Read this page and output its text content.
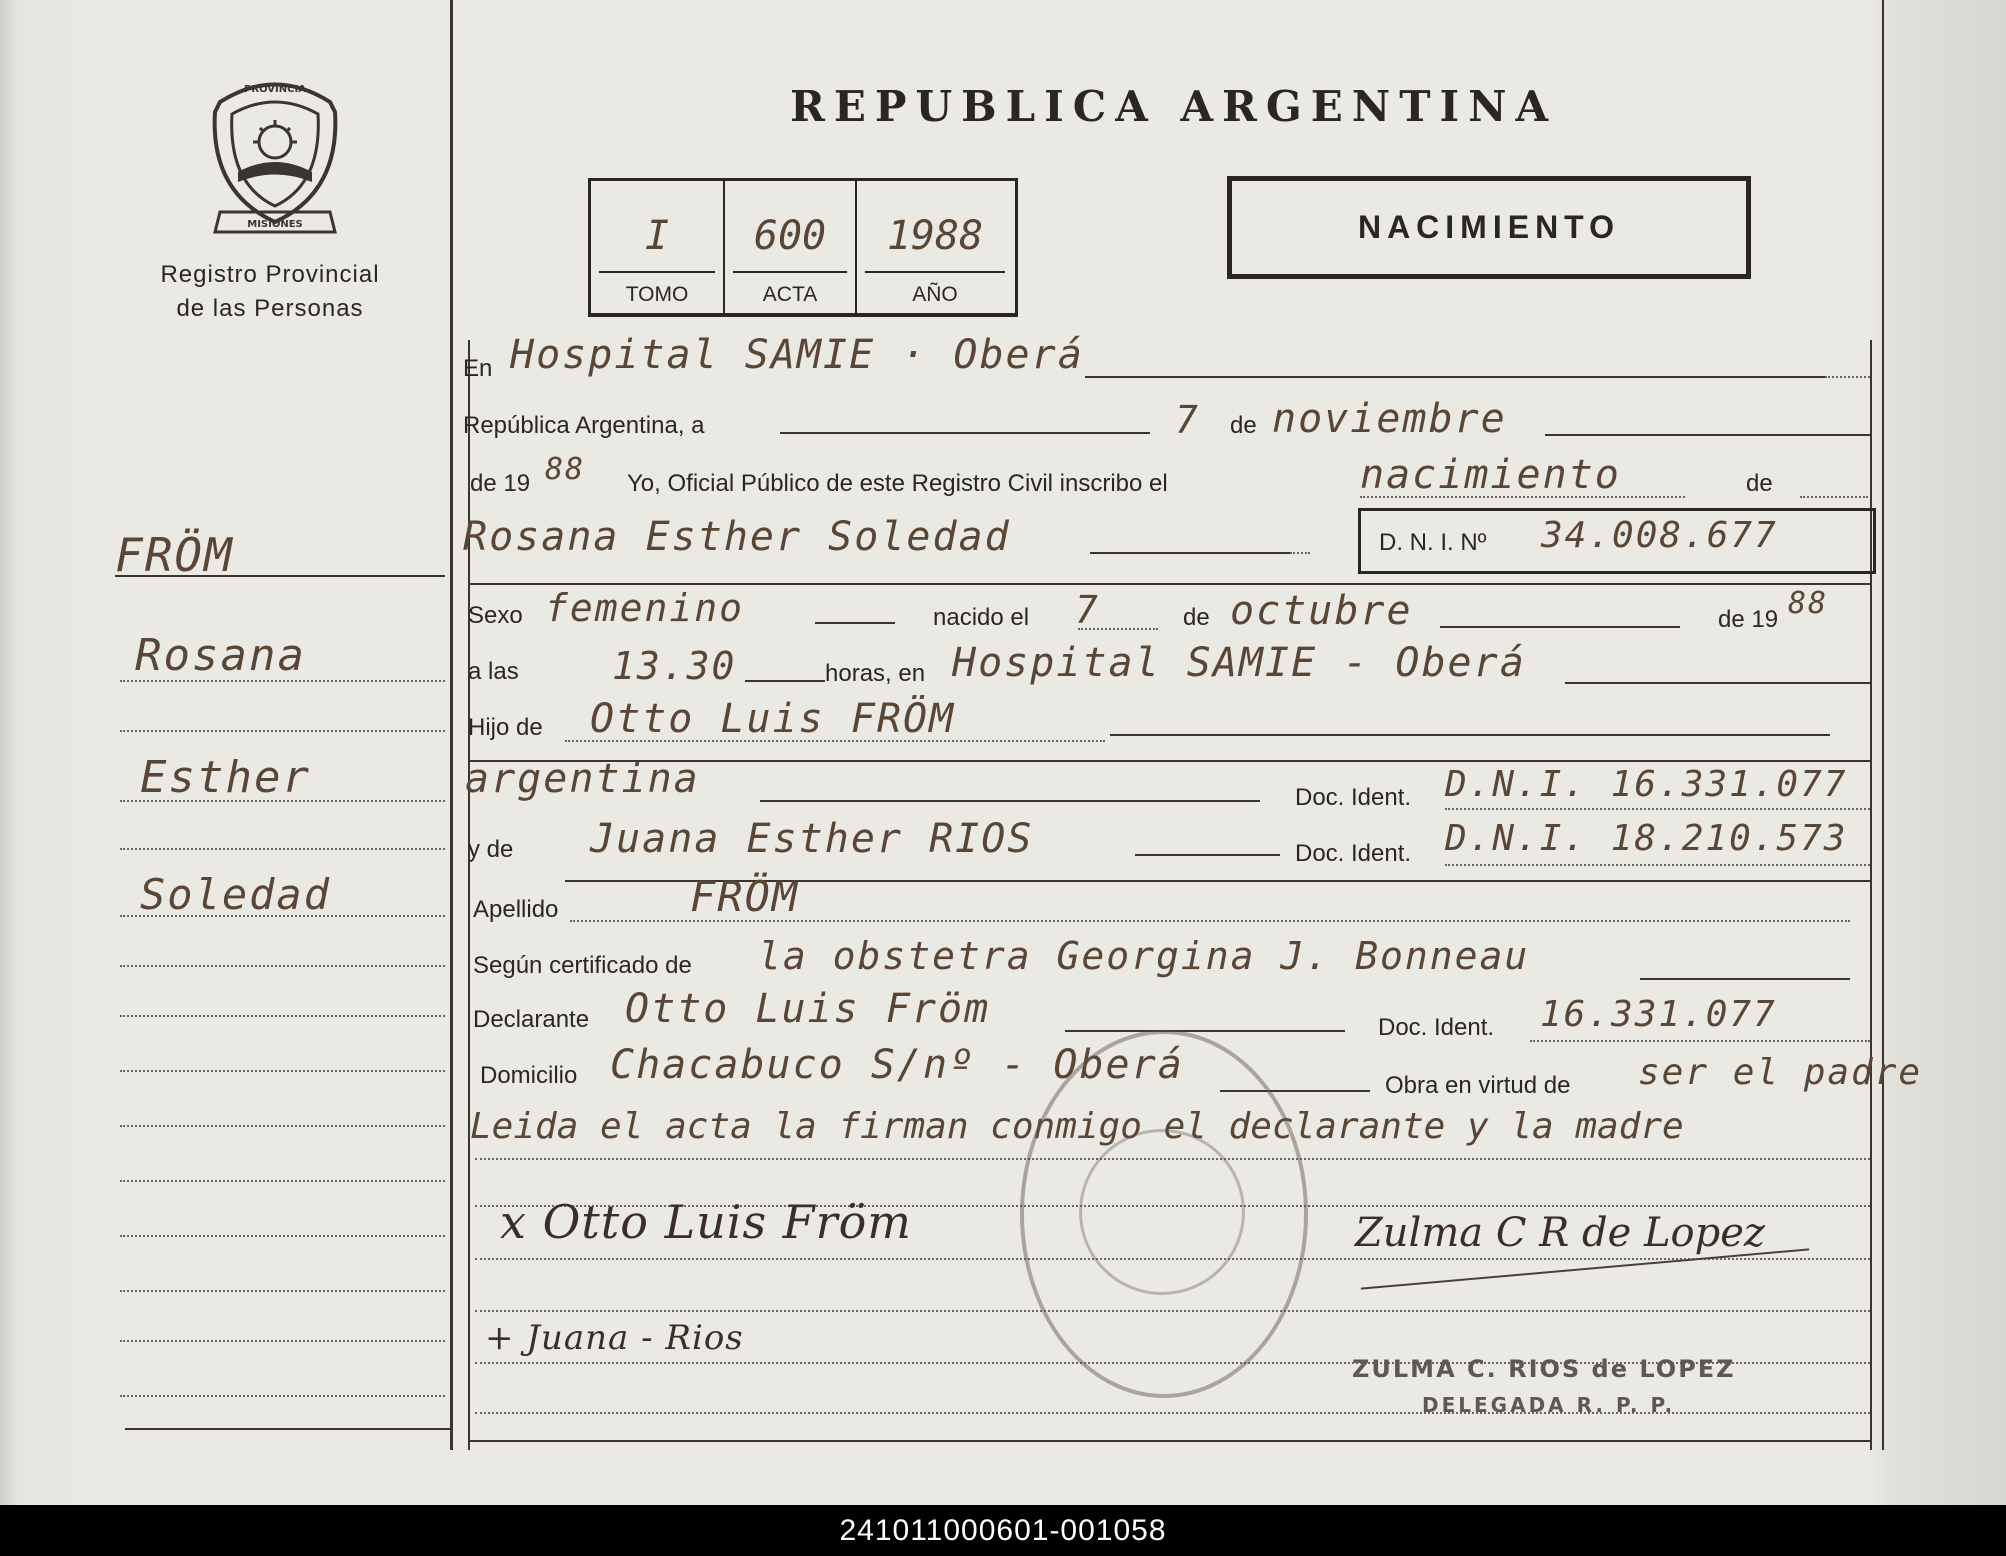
REPUBLICA ARGENTINA
PROVINCIA
MISIONES
Registro Provincial
de las Personas
I
TOMO
600
ACTA
1988
AÑO
NACIMIENTO
FRÖM
Rosana
Esther
Soledad
En Hospital SAMIE · Oberá
República Argentina, a	7 de noviembre
de 19 88 Yo, Oficial Público de este Registro Civil inscribo el	nacimiento	de
Rosana Esther Soledad	D. N. I. Nº 34.008.677
Sexo femenino	nacido el 7	de octubre	de 19 88
a las 13.30	horas, en Hospital SAMIE - Oberá
Hijo de Otto Luis FRÖM
argentina	Doc. Ident. D.N.I. 16.331.077
y de Juana Esther RIOS	Doc. Ident. D.N.I. 18.210.573
Apellido	FRÖM
Según certificado de la obstetra Georgina J. Bonneau
Declarante Otto Luis Fröm	Doc. Ident. 16.331.077
Domicilio Chacabuco S/nº - Oberá	Obra en virtud de ser el padre
Leida el acta la firman conmigo el declarante y la madre
x Otto Luis Fröm
+ Juana - Rios
Zulma C R de Lopez
ZULMA C. RIOS de LOPEZ
DELEGADA R. P. P.
241011000601-001058
